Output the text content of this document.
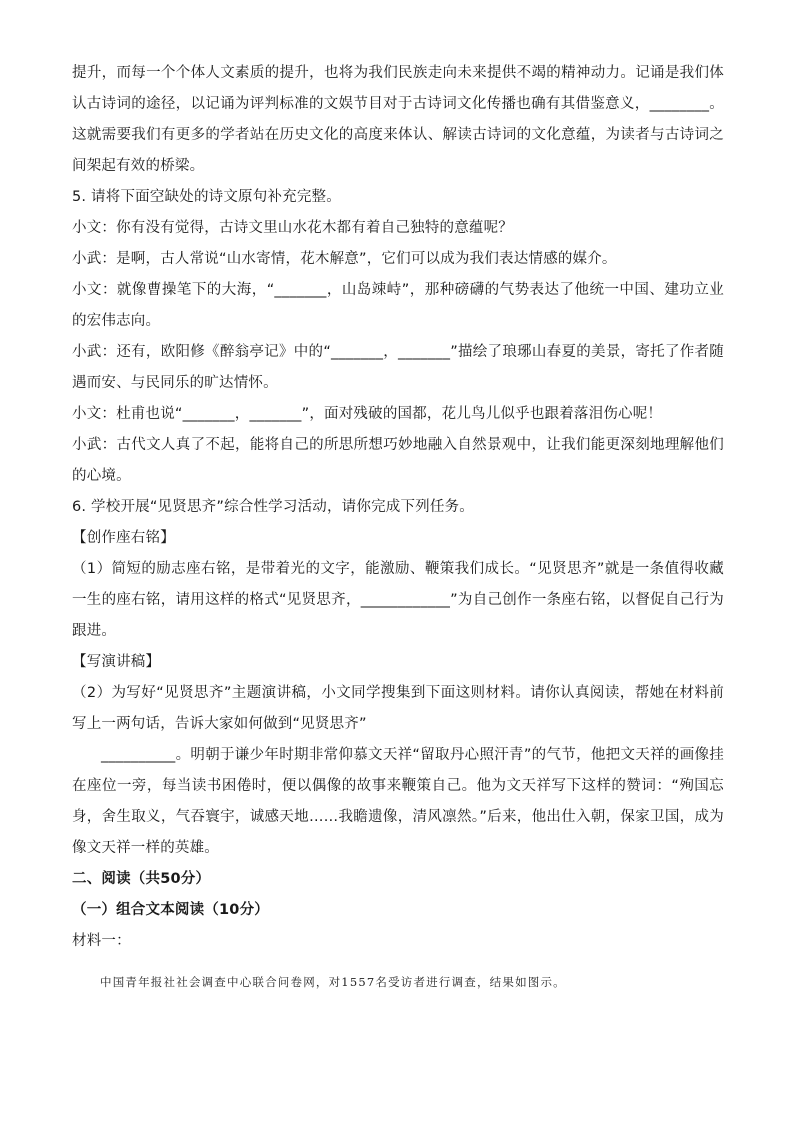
提升，而每一个个体人文素质的提升，也将为我们民族走向未来提供不竭的精神动力。记诵是我们体认古诗词的途径，以记诵为评判标准的文娱节目对于古诗词文化传播也确有其借鉴意义，________。这就需要我们有更多的学者站在历史文化的高度来体认、解读古诗词的文化意蕴，为读者与古诗词之间架起有效的桥梁。

5. 请将下面空缺处的诗文原句补充完整。

小文：你有没有觉得，古诗文里山水花木都有着自己独特的意蕴呢？

小武：是啊，古人常说“山水寄情，花木解意”，它们可以成为我们表达情感的媒介。

小文：就像曹操笔下的大海，“_______，山岛竦峙”，那种磅礴的气势表达了他统一中国、建功立业的宏伟志向。

小武：还有，欧阳修《醉翁亭记》中的“_______，_______”描绘了琅琊山春夏的美景，寄托了作者随遇而安、与民同乐的旷达情怀。

小文：杜甫也说“_______，_______”，面对残破的国都，花儿鸟儿似乎也跟着落泪伤心呢！

小武：古代文人真了不起，能将自己的所思所想巧妙地融入自然景观中，让我们能更深刻地理解他们的心境。

6. 学校开展“见贤思齐”综合性学习活动，请你完成下列任务。

【创作座右铭】

（1）简短的励志座右铭，是带着光的文字，能激励、鞭策我们成长。“见贤思齐”就是一条值得收藏一生的座右铭，请用这样的格式“见贤思齐，____________”为自己创作一条座右铭，以督促自己行为跟进。

【写演讲稿】

（2）为写好“见贤思齐”主题演讲稿，小文同学搜集到下面这则材料。请你认真阅读，帮她在材料前写上一两句话，告诉大家如何做到“见贤思齐”

__________。明朝于谦少年时期非常仰慕文天祥“留取丹心照汗青”的气节，他把文天祥的画像挂在座位一旁，每当读书困倦时，便以偶像的故事来鞭策自己。他为文天祥写下这样的赞词：“殉国忘身，舍生取义，气吞寰宇，诚感天地……我瞻遗像，清风凛然。”后来，他出仕入朝，保家卫国，成为像文天祥一样的英雄。

二、阅读（共50分）

（一）组合文本阅读（10分）

材料一：

中国青年报社社会调查中心联合问卷网，对1557名受访者进行调查，结果如图示。
